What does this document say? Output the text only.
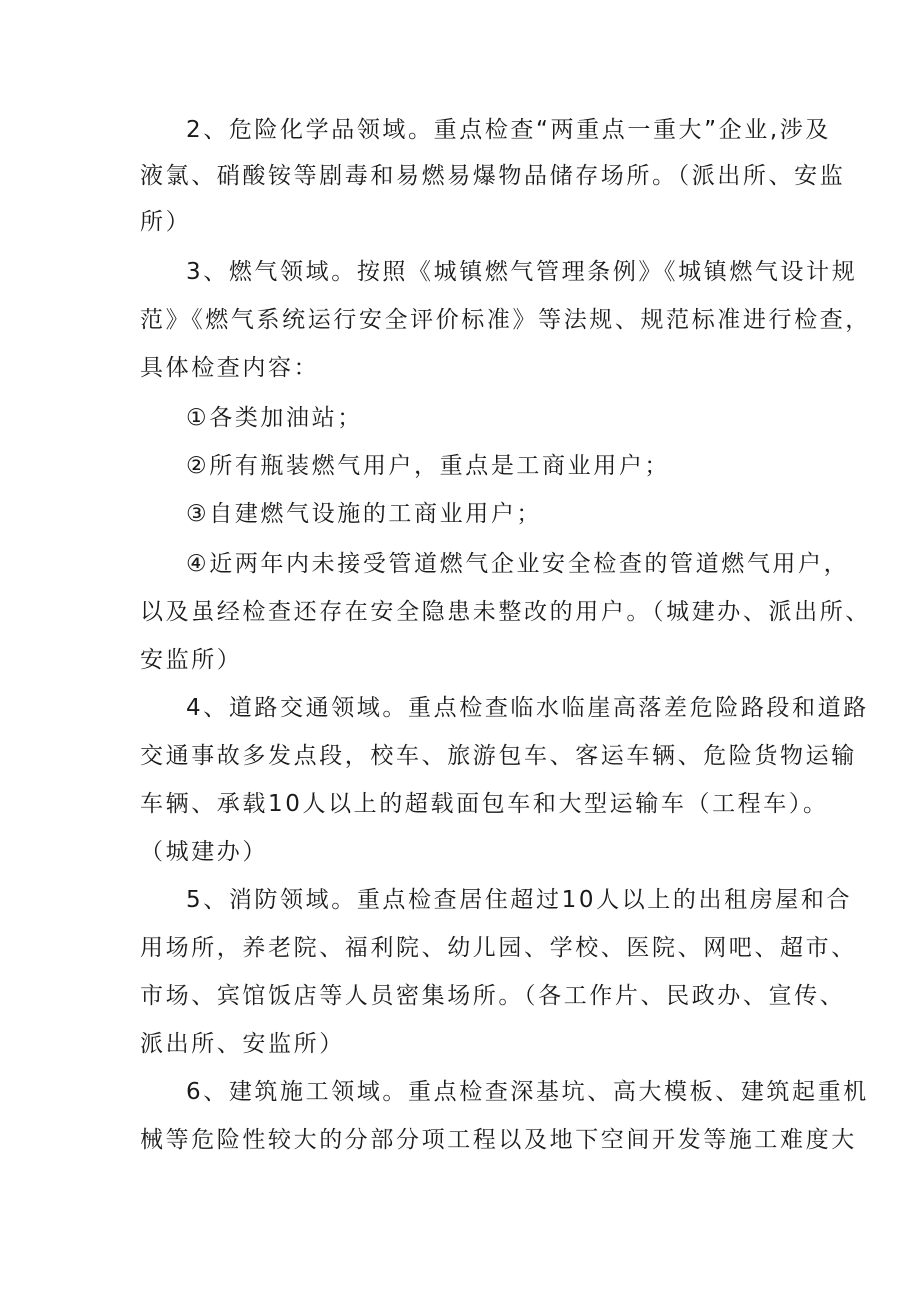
2、危险化学品领域。重点检查“两重点一重大”企业,涉及
液氯、硝酸铵等剧毒和易燃易爆物品储存场所。（派出所、安监
所）
3、燃气领域。按照《城镇燃气管理条例》《城镇燃气设计规
范》《燃气系统运行安全评价标准》等法规、规范标准进行检查，
具体检查内容：
①各类加油站；
②所有瓶装燃气用户，重点是工商业用户；
③自建燃气设施的工商业用户；
④近两年内未接受管道燃气企业安全检查的管道燃气用户，
以及虽经检查还存在安全隐患未整改的用户。（城建办、派出所、
安监所）
4、道路交通领域。重点检查临水临崖高落差危险路段和道路
交通事故多发点段，校车、旅游包车、客运车辆、危险货物运输
车辆、承载10人以上的超载面包车和大型运输车（工程车）。
（城建办）
5、消防领域。重点检查居住超过10人以上的出租房屋和合
用场所，养老院、福利院、幼儿园、学校、医院、网吧、超市、
市场、宾馆饭店等人员密集场所。（各工作片、民政办、宣传、
派出所、安监所）
6、建筑施工领域。重点检查深基坑、高大模板、建筑起重机
械等危险性较大的分部分项工程以及地下空间开发等施工难度大
